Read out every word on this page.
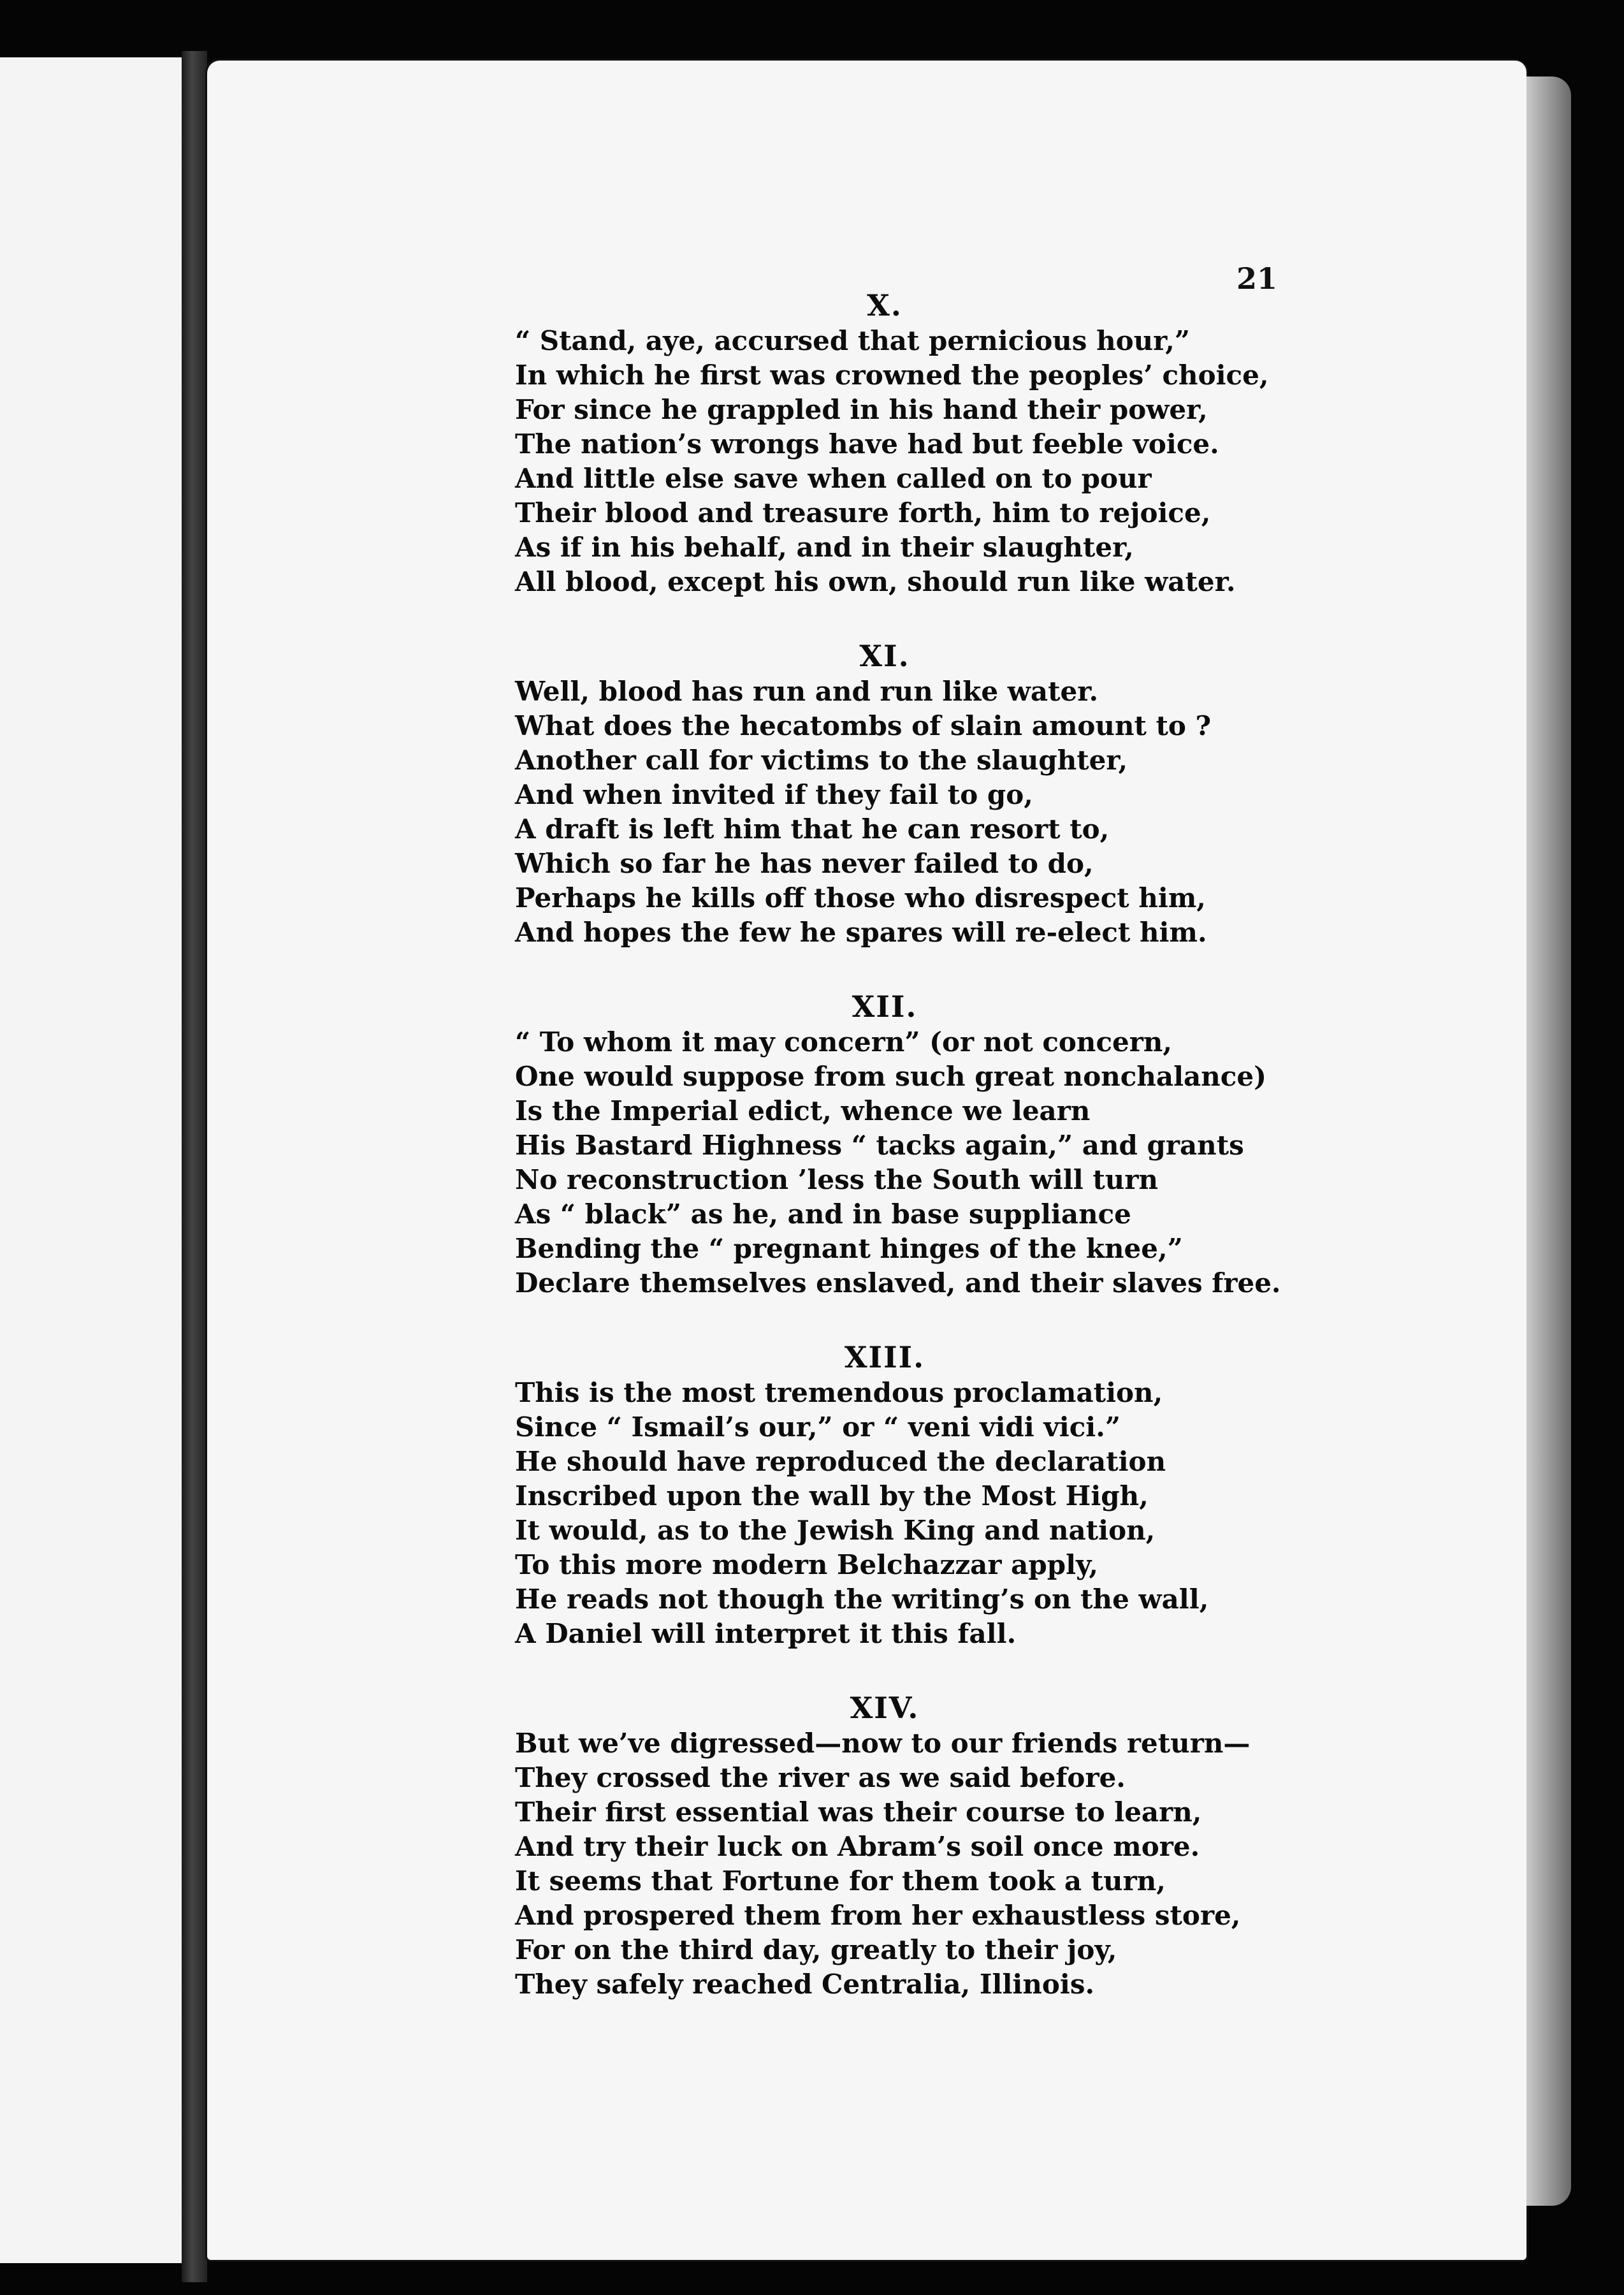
21
X.
“ Stand, aye, accursed that pernicious hour,”
In which he first was crowned the peoples’ choice,
For since he grappled in his hand their power,
The nation’s wrongs have had but feeble voice.
And little else save when called on to pour
Their blood and treasure forth, him to rejoice,
As if in his behalf, and in their slaughter,
All blood, except his own, should run like water.
XI.
Well, blood has run and run like water.
What does the hecatombs of slain amount to ?
Another call for victims to the slaughter,
And when invited if they fail to go,
A draft is left him that he can resort to,
Which so far he has never failed to do,
Perhaps he kills off those who disrespect him,
And hopes the few he spares will re-elect him.
XII.
“ To whom it may concern” (or not concern,
One would suppose from such great nonchalance)
Is the Imperial edict, whence we learn
His Bastard Highness “ tacks again,” and grants
No reconstruction ’less the South will turn
As “ black” as he, and in base suppliance
Bending the “ pregnant hinges of the knee,”
Declare themselves enslaved, and their slaves free.
XIII.
This is the most tremendous proclamation,
Since “ Ismail’s our,” or “ veni vidi vici.”
He should have reproduced the declaration
Inscribed upon the wall by the Most High,
It would, as to the Jewish King and nation,
To this more modern Belchazzar apply,
He reads not though the writing’s on the wall,
A Daniel will interpret it this fall.
XIV.
But we’ve digressed—now to our friends return—
They crossed the river as we said before.
Their first essential was their course to learn,
And try their luck on Abram’s soil once more.
It seems that Fortune for them took a turn,
And prospered them from her exhaustless store,
For on the third day, greatly to their joy,
They safely reached Centralia, Illinois.
